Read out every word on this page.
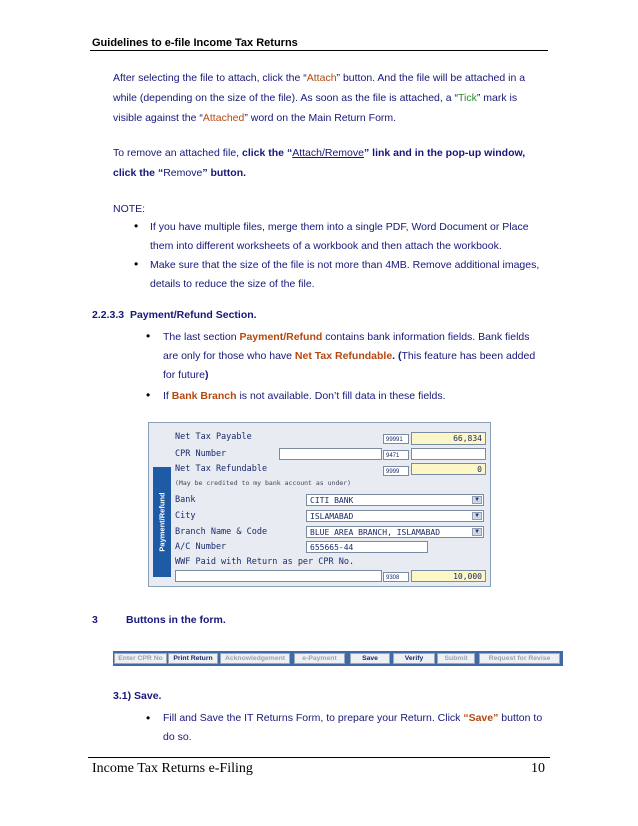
Guidelines to e-file Income Tax Returns
After selecting the file to attach, click the “Attach” button. And the file will be attached in a
while (depending on the size of the file). As soon as the file is attached, a “Tick” mark is
visible against the “Attached” word on the Main Return Form.
To remove an attached file, click the “Attach/Remove” link and in the pop-up window,
click the “Remove” button.
NOTE:
• If you have multiple files, merge them into a single PDF, Word Document or Place
them into different worksheets of a workbook and then attach the workbook.
• Make sure that the size of the file is not more than 4MB. Remove additional images,
details to reduce the size of the file.
2.2.3.3 Payment/Refund Section.
• The last section Payment/Refund contains bank information fields. Bank fields
are only for those who have Net Tax Refundable. (This feature has been added
for future)
• If Bank Branch is not available. Don’t fill data in these fields.
Payment/Refund
Net Tax Payable	99991	66,834
CPR Number	9471
Net Tax Refundable	9999	0
(May be credited to my bank account as under)
Bank	CITI BANK	▼
City	ISLAMABAD	▼
Branch Name & Code	BLUE AREA BRANCH, ISLAMABAD	▼
A/C Number	655665-44
WWF Paid with Return as per CPR No.
9308	10,000
3	Buttons in the form.
Enter CPR No	Print Return	Acknowledgement	e-Payment	Save	Verify	Submit	Request for Revise
3.1) Save.
• Fill and Save the IT Returns Form, to prepare your Return. Click “Save” button to
do so.
Income Tax Returns e-Filing	10
